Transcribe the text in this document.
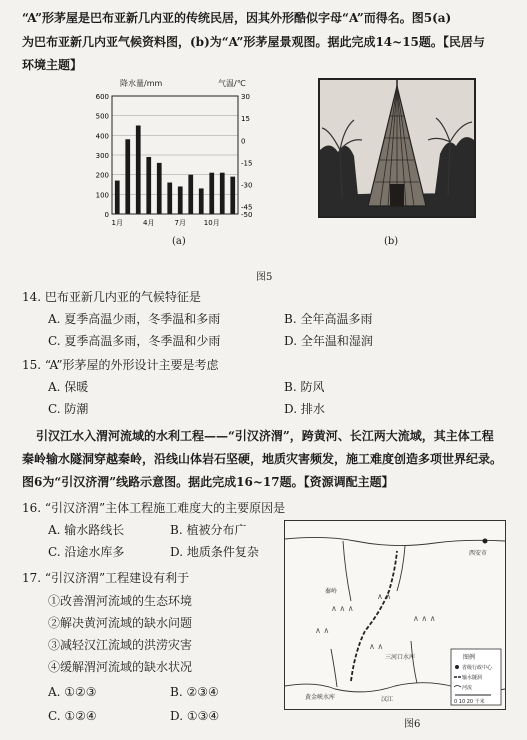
“A”形茅屋是巴布亚新几内亚的传统民居，因其外形酷似字母“A”而得名。图5(a)
为巴布亚新几内亚气候资料图，(b)为“A”形茅屋景观图。据此完成14~15题。【民居与
环境主题】
降水量/mm	气温/℃
600
500
400
300
200
100
0
30
15
0
-15
-30
-45
-50
1月	4月	7月	10月
(a)	(b)
图5
14. 巴布亚新几内亚的气候特征是
A. 夏季高温少雨，冬季温和多雨	B. 全年高温多雨
C. 夏季高温多雨，冬季温和少雨	D. 全年温和湿润
15. “A”形茅屋的外形设计主要是考虑
A. 保暖	B. 防风
C. 防潮	D. 排水
引汉江水入渭河流域的水利工程——“引汉济渭”，跨黄河、长江两大流域，其主体工程
秦岭输水隧洞穿越秦岭，沿线山体岩石坚硬，地质灾害频发，施工难度创造多项世界纪录。
图6为“引汉济渭”线路示意图。据此完成16~17题。【资源调配主题】
16. “引汉济渭”主体工程施工难度大的主要原因是
A. 输水路线长	B. 植被分布广
C. 沿途水库多	D. 地质条件复杂
17. “引汉济渭”工程建设有利于
①改善渭河流域的生态环境
②解决黄河流域的缺水问题
③减轻汉江流域的洪涝灾害
④缓解渭河流域的缺水状况
A. ①②③	B. ②③④
C. ①②④	D. ①③④
∧ ∧ ∧
∧ ∧
∧ ∧
∧ ∧ ∧
∧ ∧
西安市
秦岭
三河口水库
黄金峡水库	汉江
图例
省级行政中心
输水隧洞
河流
0 10 20 千米
图6
